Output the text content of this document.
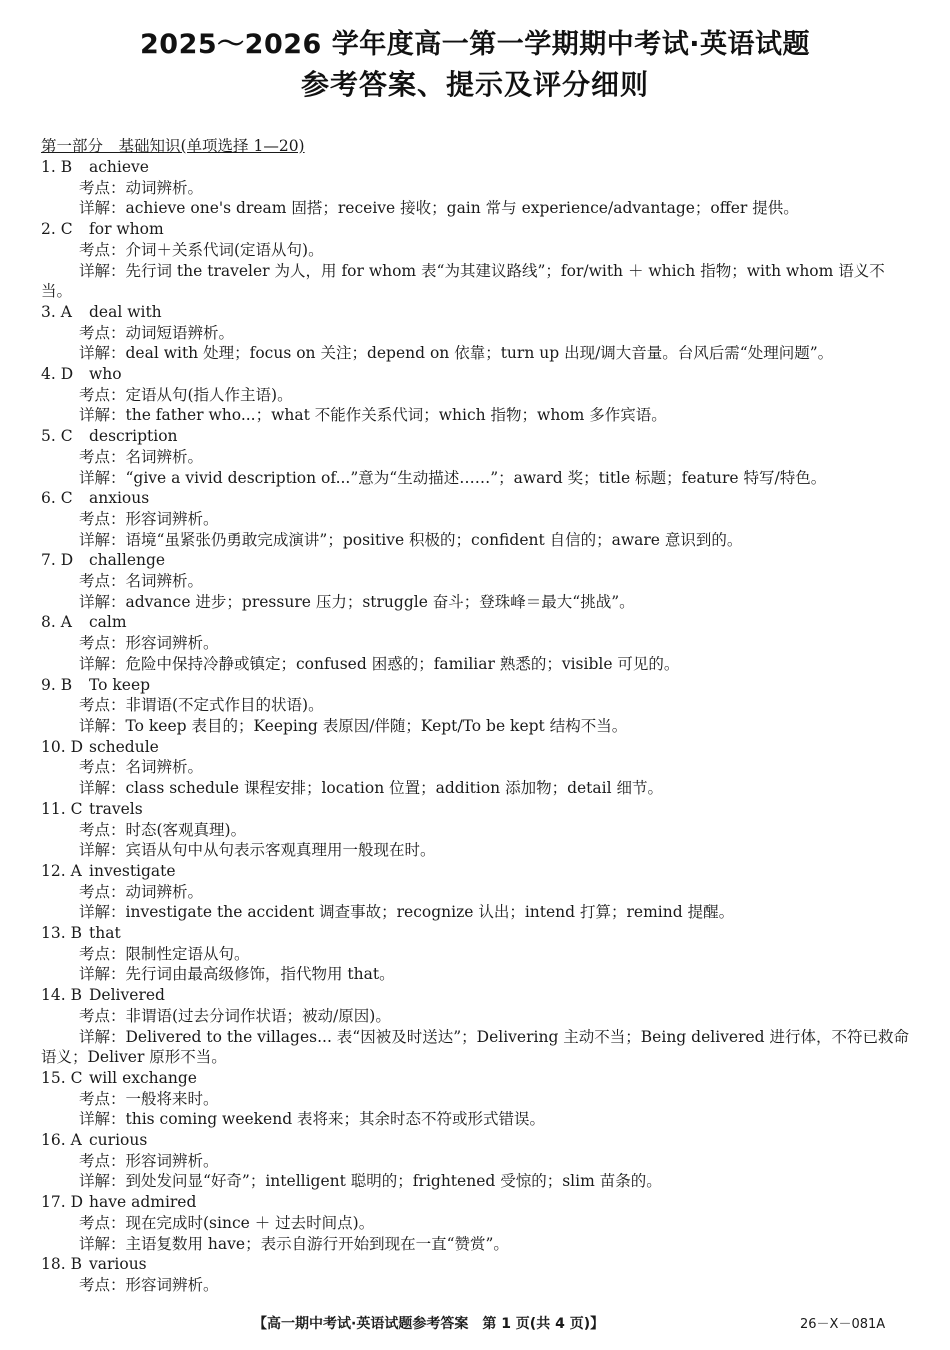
2025～2026 学年度高一第一学期期中考试·英语试题
参考答案、提示及评分细则
第一部分　基础知识(单项选择 1—20)
1. B achieve
考点：动词辨析。
详解：achieve one's dream 固搭；receive 接收；gain 常与 experience/advantage；offer 提供。
2. C for whom
考点：介词＋关系代词(定语从句)。
详解：先行词 the traveler 为人，用 for whom 表“为其建议路线”；for/with ＋ which 指物；with whom 语义不当。
3. A deal with
考点：动词短语辨析。
详解：deal with 处理；focus on 关注；depend on 依靠；turn up 出现/调大音量。台风后需“处理问题”。
4. D who
考点：定语从句(指人作主语)。
详解：the father who...；what 不能作关系代词；which 指物；whom 多作宾语。
5. C description
考点：名词辨析。
详解：“give a vivid description of...”意为“生动描述……”；award 奖；title 标题；feature 特写/特色。
6. C anxious
考点：形容词辨析。
详解：语境“虽紧张仍勇敢完成演讲”；positive 积极的；confident 自信的；aware 意识到的。
7. D challenge
考点：名词辨析。
详解：advance 进步；pressure 压力；struggle 奋斗；登珠峰＝最大“挑战”。
8. A calm
考点：形容词辨析。
详解：危险中保持冷静或镇定；confused 困惑的；familiar 熟悉的；visible 可见的。
9. B To keep
考点：非谓语(不定式作目的状语)。
详解：To keep 表目的；Keeping 表原因/伴随；Kept/To be kept 结构不当。
10. D schedule
考点：名词辨析。
详解：class schedule 课程安排；location 位置；addition 添加物；detail 细节。
11. C travels
考点：时态(客观真理)。
详解：宾语从句中从句表示客观真理用一般现在时。
12. A investigate
考点：动词辨析。
详解：investigate the accident 调查事故；recognize 认出；intend 打算；remind 提醒。
13. B that
考点：限制性定语从句。
详解：先行词由最高级修饰，指代物用 that。
14. B Delivered
考点：非谓语(过去分词作状语；被动/原因)。
详解：Delivered to the villages... 表“因被及时送达”；Delivering 主动不当；Being delivered 进行体，不符已救命语义；Deliver 原形不当。
15. C will exchange
考点：一般将来时。
详解：this coming weekend 表将来；其余时态不符或形式错误。
16. A curious
考点：形容词辨析。
详解：到处发问显“好奇”；intelligent 聪明的；frightened 受惊的；slim 苗条的。
17. D have admired
考点：现在完成时(since ＋ 过去时间点)。
详解：主语复数用 have；表示自游行开始到现在一直“赞赏”。
18. B various
考点：形容词辨析。
【高一期中考试·英语试题参考答案　第 1 页(共 4 页)】	26－X－081A
